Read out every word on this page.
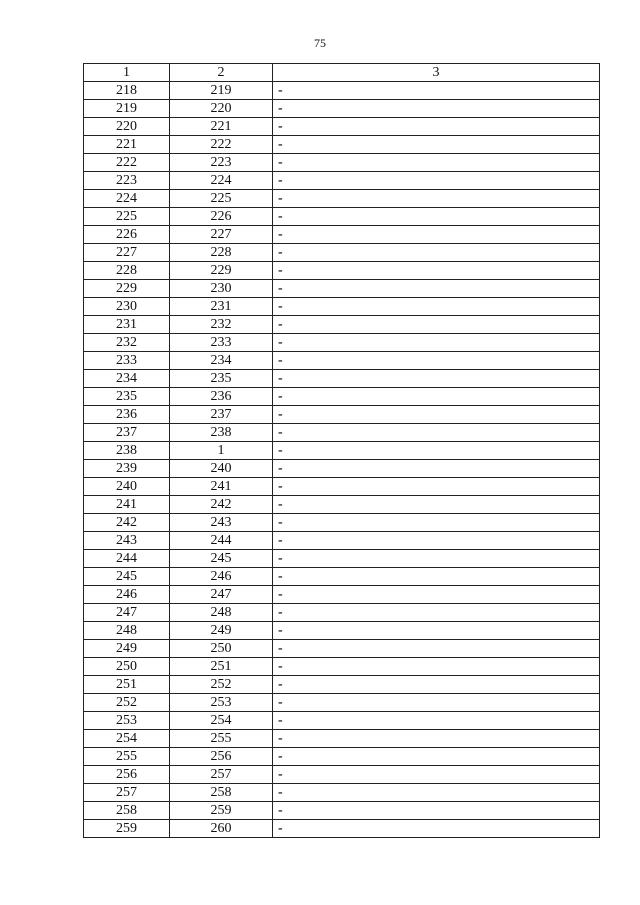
75
1	2	3
218	219	-
219	220	-
220	221	-
221	222	-
222	223	-
223	224	-
224	225	-
225	226	-
226	227	-
227	228	-
228	229	-
229	230	-
230	231	-
231	232	-
232	233	-
233	234	-
234	235	-
235	236	-
236	237	-
237	238	-
238	1	-
239	240	-
240	241	-
241	242	-
242	243	-
243	244	-
244	245	-
245	246	-
246	247	-
247	248	-
248	249	-
249	250	-
250	251	-
251	252	-
252	253	-
253	254	-
254	255	-
255	256	-
256	257	-
257	258	-
258	259	-
259	260	-
